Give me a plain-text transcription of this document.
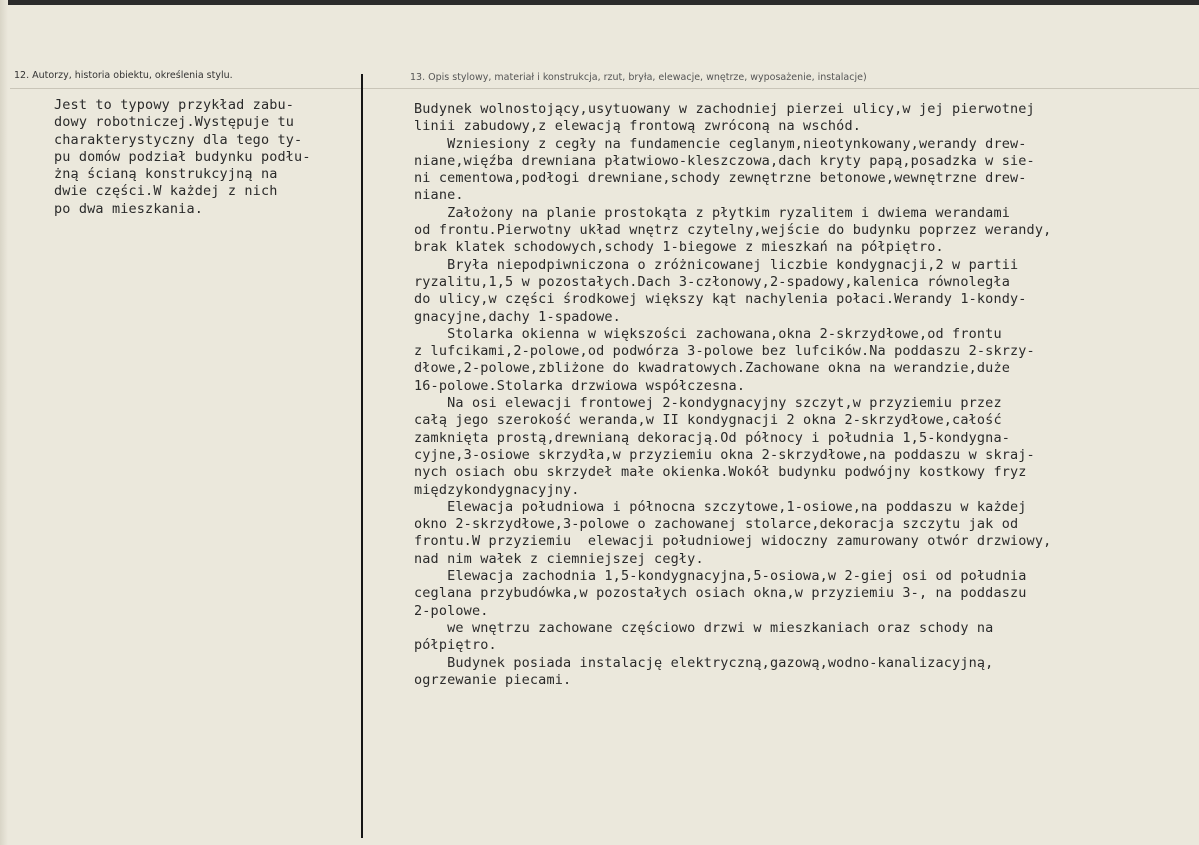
12. Autorzy, historia obiektu, określenia stylu.	13. Opis stylowy, materiał i konstrukcja, rzut, bryła, elewacje, wnętrze, wyposażenie, instalacje)
Jest to typowy przykład zabu-
dowy robotniczej.Występuje tu
charakterystyczny dla tego ty-
pu domów podział budynku podłu-
żną ścianą konstrukcyjną na
dwie części.W każdej z nich
po dwa mieszkania.
Budynek wolnostojący,usytuowany w zachodniej pierzei ulicy,w jej pierwotnej
linii zabudowy,z elewacją frontową zwróconą na wschód.
Wzniesiony z cegły na fundamencie ceglanym,nieotynkowany,werandy drew-
niane,więźba drewniana płatwiowo-kleszczowa,dach kryty papą,posadzka w sie-
ni cementowa,podłogi drewniane,schody zewnętrzne betonowe,wewnętrzne drew-
niane.
Założony na planie prostokąta z płytkim ryzalitem i dwiema werandami
od frontu.Pierwotny układ wnętrz czytelny,wejście do budynku poprzez werandy,
brak klatek schodowych,schody 1-biegowe z mieszkań na półpiętro.
Bryła niepodpiwniczona o zróżnicowanej liczbie kondygnacji,2 w partii
ryzalitu,1,5 w pozostałych.Dach 3-członowy,2-spadowy,kalenica równoległa
do ulicy,w części środkowej większy kąt nachylenia połaci.Werandy 1-kondy-
gnacyjne,dachy 1-spadowe.
Stolarka okienna w większości zachowana,okna 2-skrzydłowe,od frontu
z lufcikami,2-polowe,od podwórza 3-polowe bez lufcików.Na poddaszu 2-skrzy-
dłowe,2-polowe,zbliżone do kwadratowych.Zachowane okna na werandzie,duże
16-polowe.Stolarka drzwiowa współczesna.
Na osi elewacji frontowej 2-kondygnacyjny szczyt,w przyziemiu przez
całą jego szerokość weranda,w II kondygnacji 2 okna 2-skrzydłowe,całość
zamknięta prostą,drewnianą dekoracją.Od północy i południa 1,5-kondygna-
cyjne,3-osiowe skrzydła,w przyziemiu okna 2-skrzydłowe,na poddaszu w skraj-
nych osiach obu skrzydeł małe okienka.Wokół budynku podwójny kostkowy fryz
międzykondygnacyjny.
Elewacja południowa i północna szczytowe,1-osiowe,na poddaszu w każdej
okno 2-skrzydłowe,3-polowe o zachowanej stolarce,dekoracja szczytu jak od
frontu.W przyziemiu  elewacji południowej widoczny zamurowany otwór drzwiowy,
nad nim wałek z ciemniejszej cegły.
Elewacja zachodnia 1,5-kondygnacyjna,5-osiowa,w 2-giej osi od południa
ceglana przybudówka,w pozostałych osiach okna,w przyziemiu 3-, na poddaszu
2-polowe.
we wnętrzu zachowane częściowo drzwi w mieszkaniach oraz schody na
półpiętro.
Budynek posiada instalację elektryczną,gazową,wodno-kanalizacyjną,
ogrzewanie piecami.
